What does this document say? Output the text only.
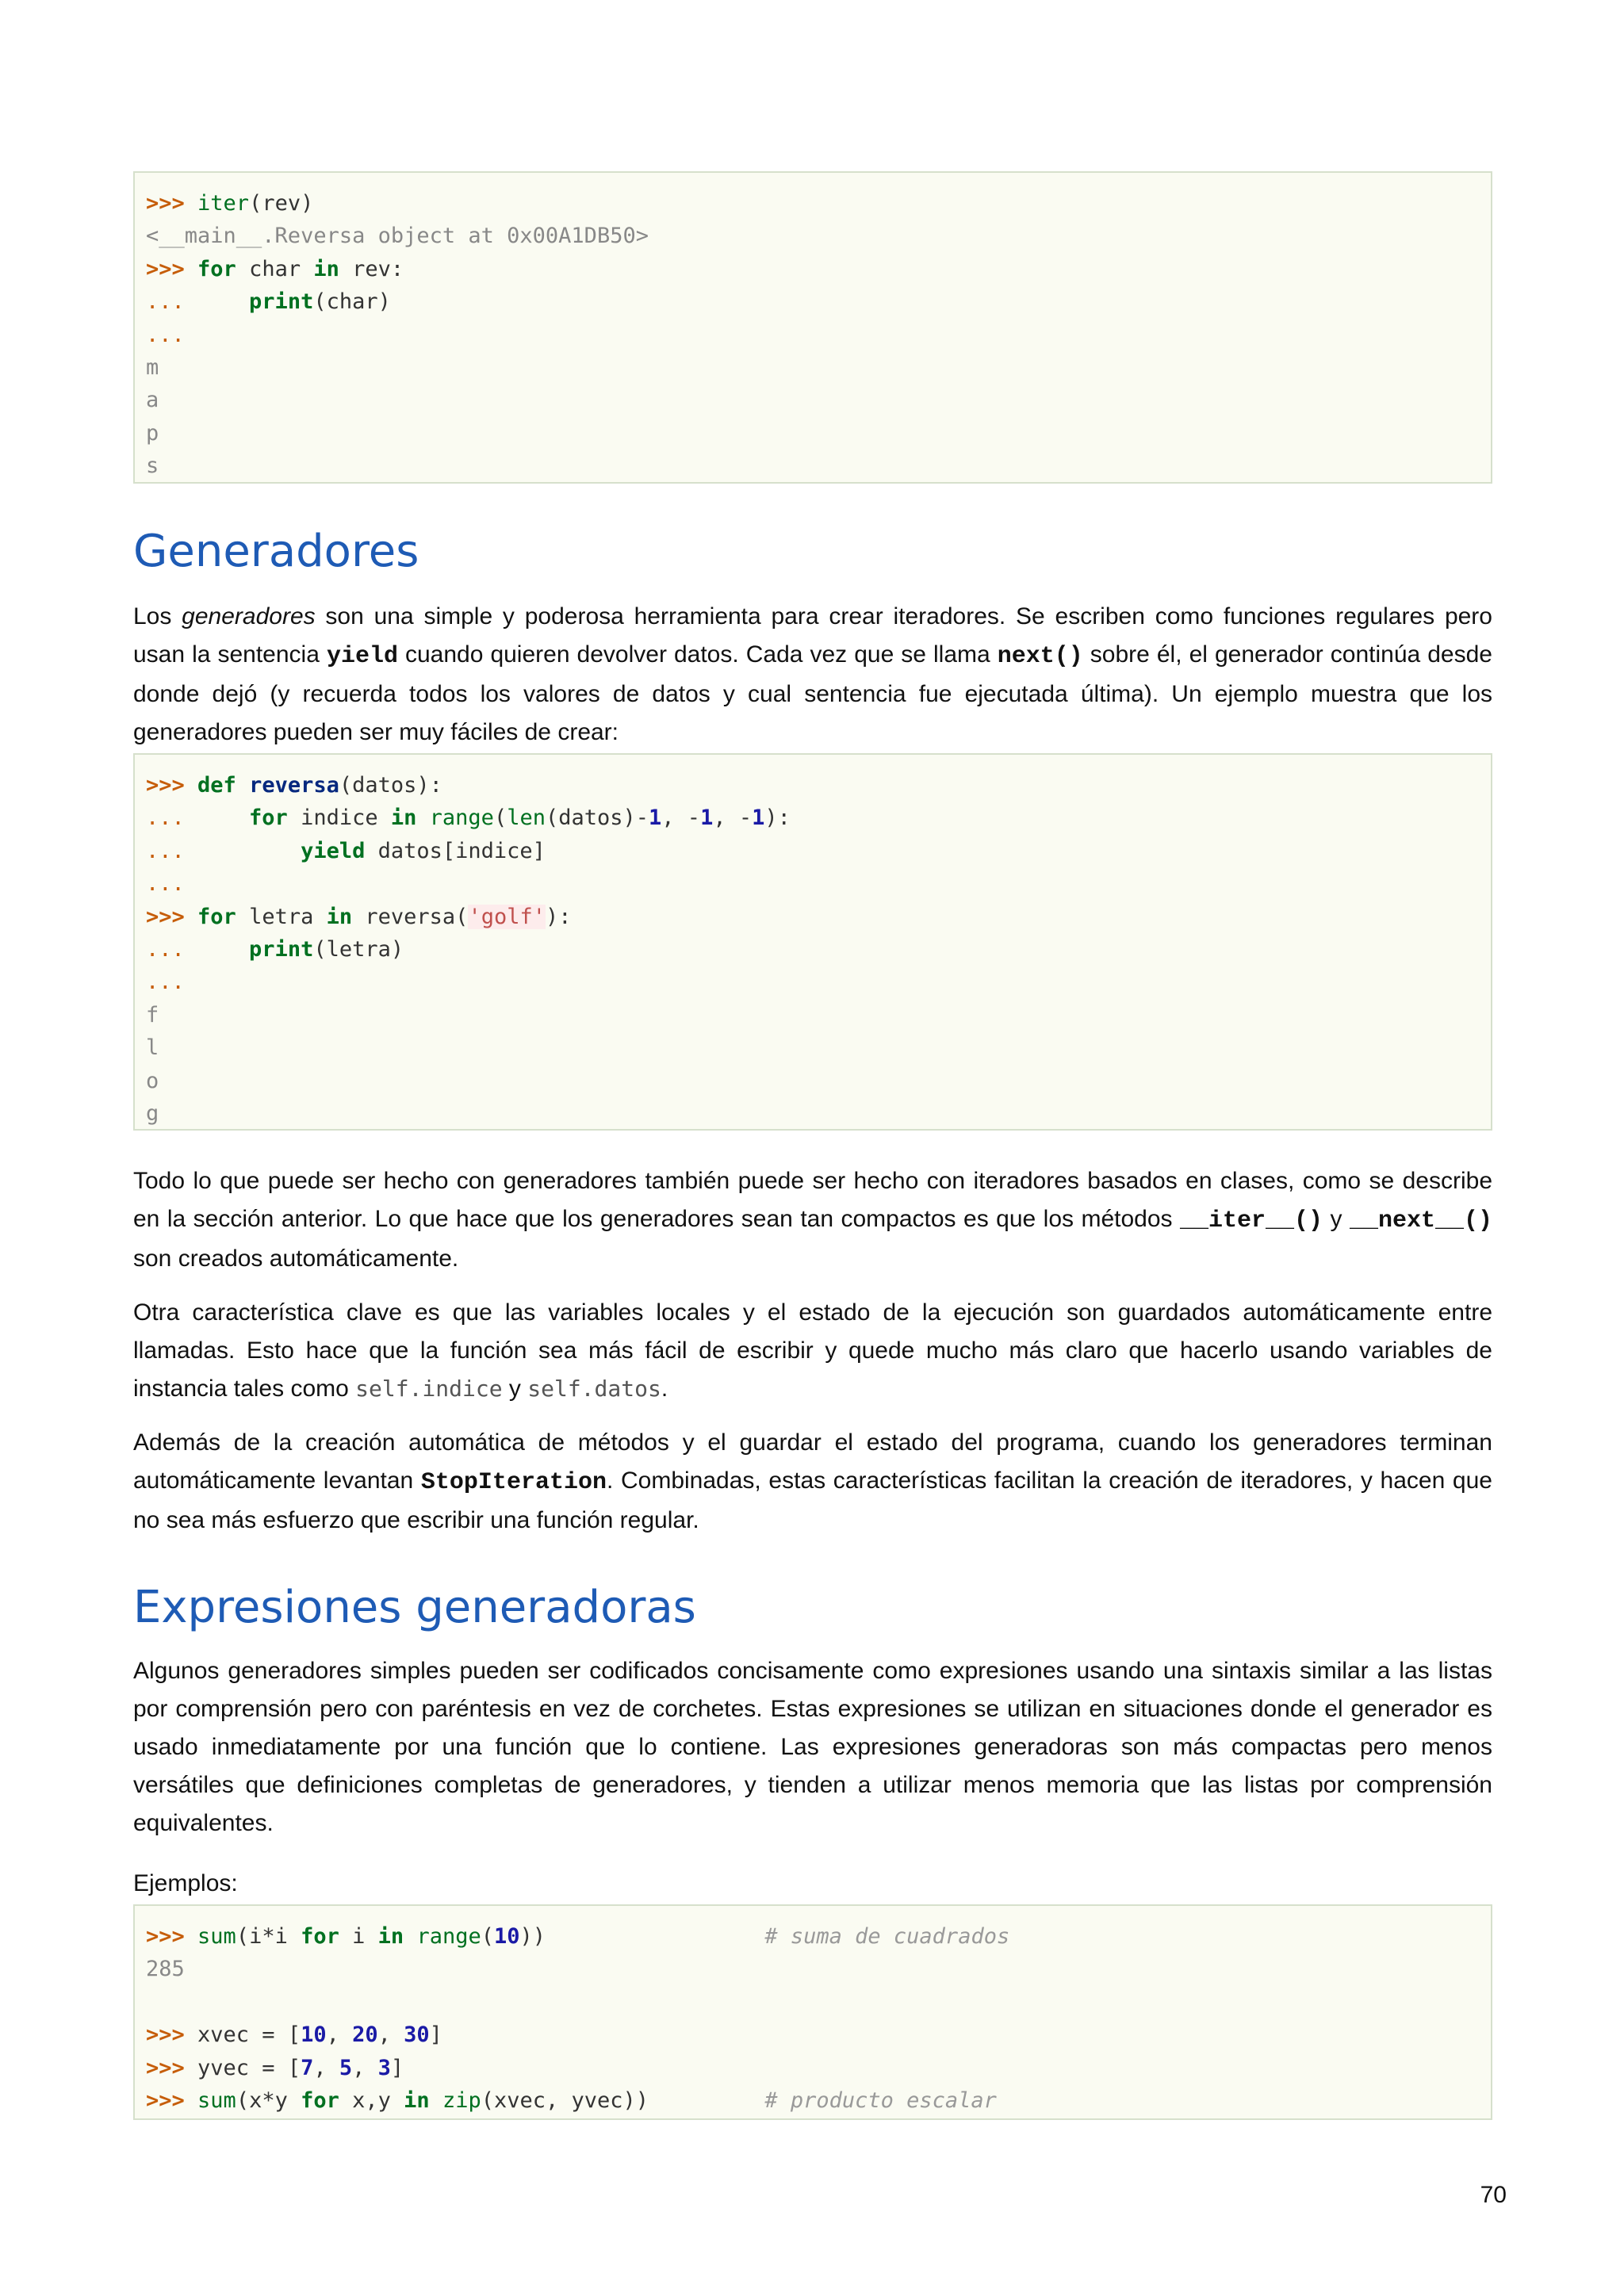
>>> iter(rev)
<__main__.Reversa object at 0x00A1DB50>
>>> for char in rev:
...     print(char)
...
m
a
p
s
Generadores

Los generadores son una simple y poderosa herramienta para crear iteradores. Se escriben como funciones regulares pero usan la sentencia yield cuando quieren devolver datos. Cada vez que se llama next() sobre él, el generador continúa desde donde dejó (y recuerda todos los valores de datos y cual sentencia fue ejecutada última). Un ejemplo muestra que los generadores pueden ser muy fáciles de crear:

>>> def reversa(datos):
...     for indice in range(len(datos)-1, -1, -1):
...         yield datos[indice]
...
>>> for letra in reversa('golf'):
...     print(letra)
...
f
l
o
g

Todo lo que puede ser hecho con generadores también puede ser hecho con iteradores basados en clases, como se describe en la sección anterior. Lo que hace que los generadores sean tan compactos es que los métodos __iter__() y __next__() son creados automáticamente.

Otra característica clave es que las variables locales y el estado de la ejecución son guardados automáticamente entre llamadas. Esto hace que la función sea más fácil de escribir y quede mucho más claro que hacerlo usando variables de instancia tales como self.indice y self.datos.

Además de la creación automática de métodos y el guardar el estado del programa, cuando los generadores terminan automáticamente levantan StopIteration. Combinadas, estas características facilitan la creación de iteradores, y hacen que no sea más esfuerzo que escribir una función regular.

Expresiones generadoras

Algunos generadores simples pueden ser codificados concisamente como expresiones usando una sintaxis similar a las listas por comprensión pero con paréntesis en vez de corchetes. Estas expresiones se utilizan en situaciones donde el generador es usado inmediatamente por una función que lo contiene. Las expresiones generadoras son más compactas pero menos versátiles que definiciones completas de generadores, y tienden a utilizar menos memoria que las listas por comprensión equivalentes.

Ejemplos:

>>> sum(i*i for i in range(10))                 # suma de cuadrados
285
>>> xvec = [10, 20, 30]
>>> yvec = [7, 5, 3]
>>> sum(x*y for x,y in zip(xvec, yvec))         # producto escalar
70
